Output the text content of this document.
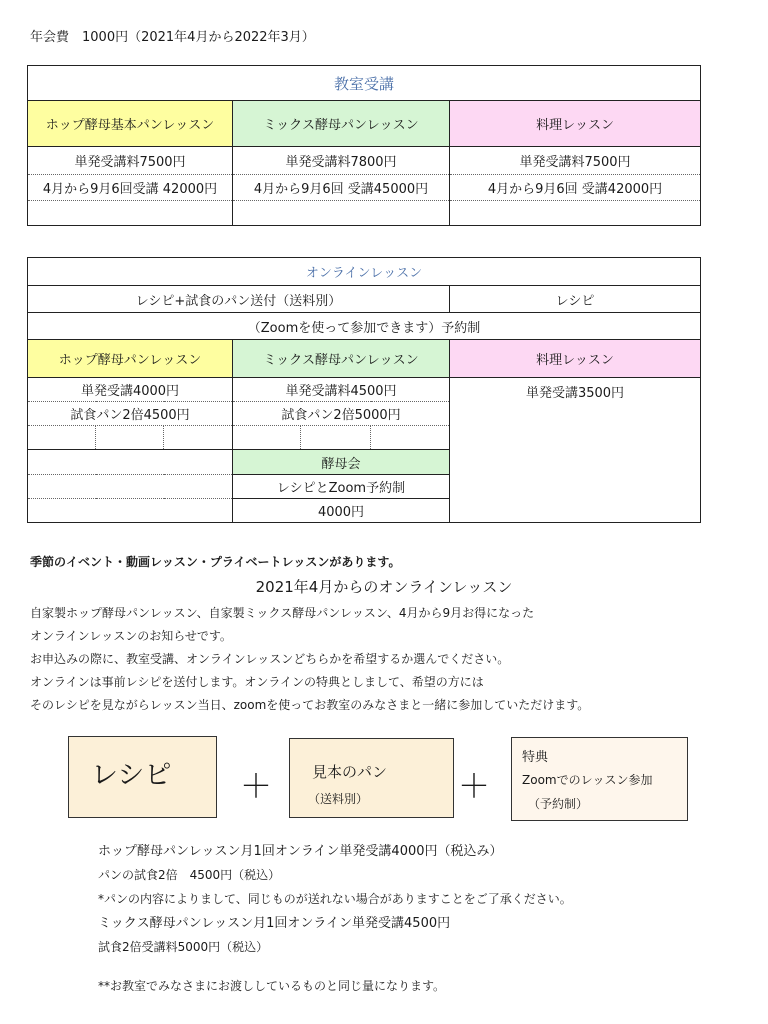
年会費　1000円（2021年4月から2022年3月）
教室受講		
ホップ酵母基本パンレッスン	ミックス酵母パンレッスン	料理レッスン
単発受講料7500円	単発受講料7800円	単発受講料7500円
4月から9月6回受講 42000円	4月から9月6回 受講45000円	4月から9月6回 受講42000円

オンラインレッスン						
レシピ+試食のパン送付（送料別）						レシピ
（Zoomを使って参加できます）予約制						
ホップ酵母パンレッスン			ミックス酵母パンレッスン			料理レッスン
単発受講4000円			単発受講料4500円			単発受講3500円
試食パン2倍4500円			試食パン2倍5000円			

			酵母会			
			レシピとZoom予約制			
			4000円			
季節のイベント・動画レッスン・プライベートレッスンがあります。
2021年4月からのオンラインレッスン
自家製ホップ酵母パンレッスン、自家製ミックス酵母パンレッスン、4月から9月お得になった
オンラインレッスンのお知らせです。
お申込みの際に、教室受講、オンラインレッスンどちらかを希望するか選んでください。
オンラインは事前レシピを送付します。オンラインの特典としまして、希望の方には
そのレシピを見ながらレッスン当日、zoomを使ってお教室のみなさまと一緒に参加していただけます。
レシピ ＋	見本のパン
（送料別）	＋
特典
Zoomでのレッスン参加
（予約制）
ホップ酵母パンレッスン月1回オンライン単発受講4000円（税込み）
パンの試食2倍　4500円（税込）
*パンの内容によりまして、同じものが送れない場合がありますことをご了承ください。
ミックス酵母パンレッスン月1回オンライン単発受講4500円
試食2倍受講料5000円（税込）
**お教室でみなさまにお渡ししているものと同じ量になります。
